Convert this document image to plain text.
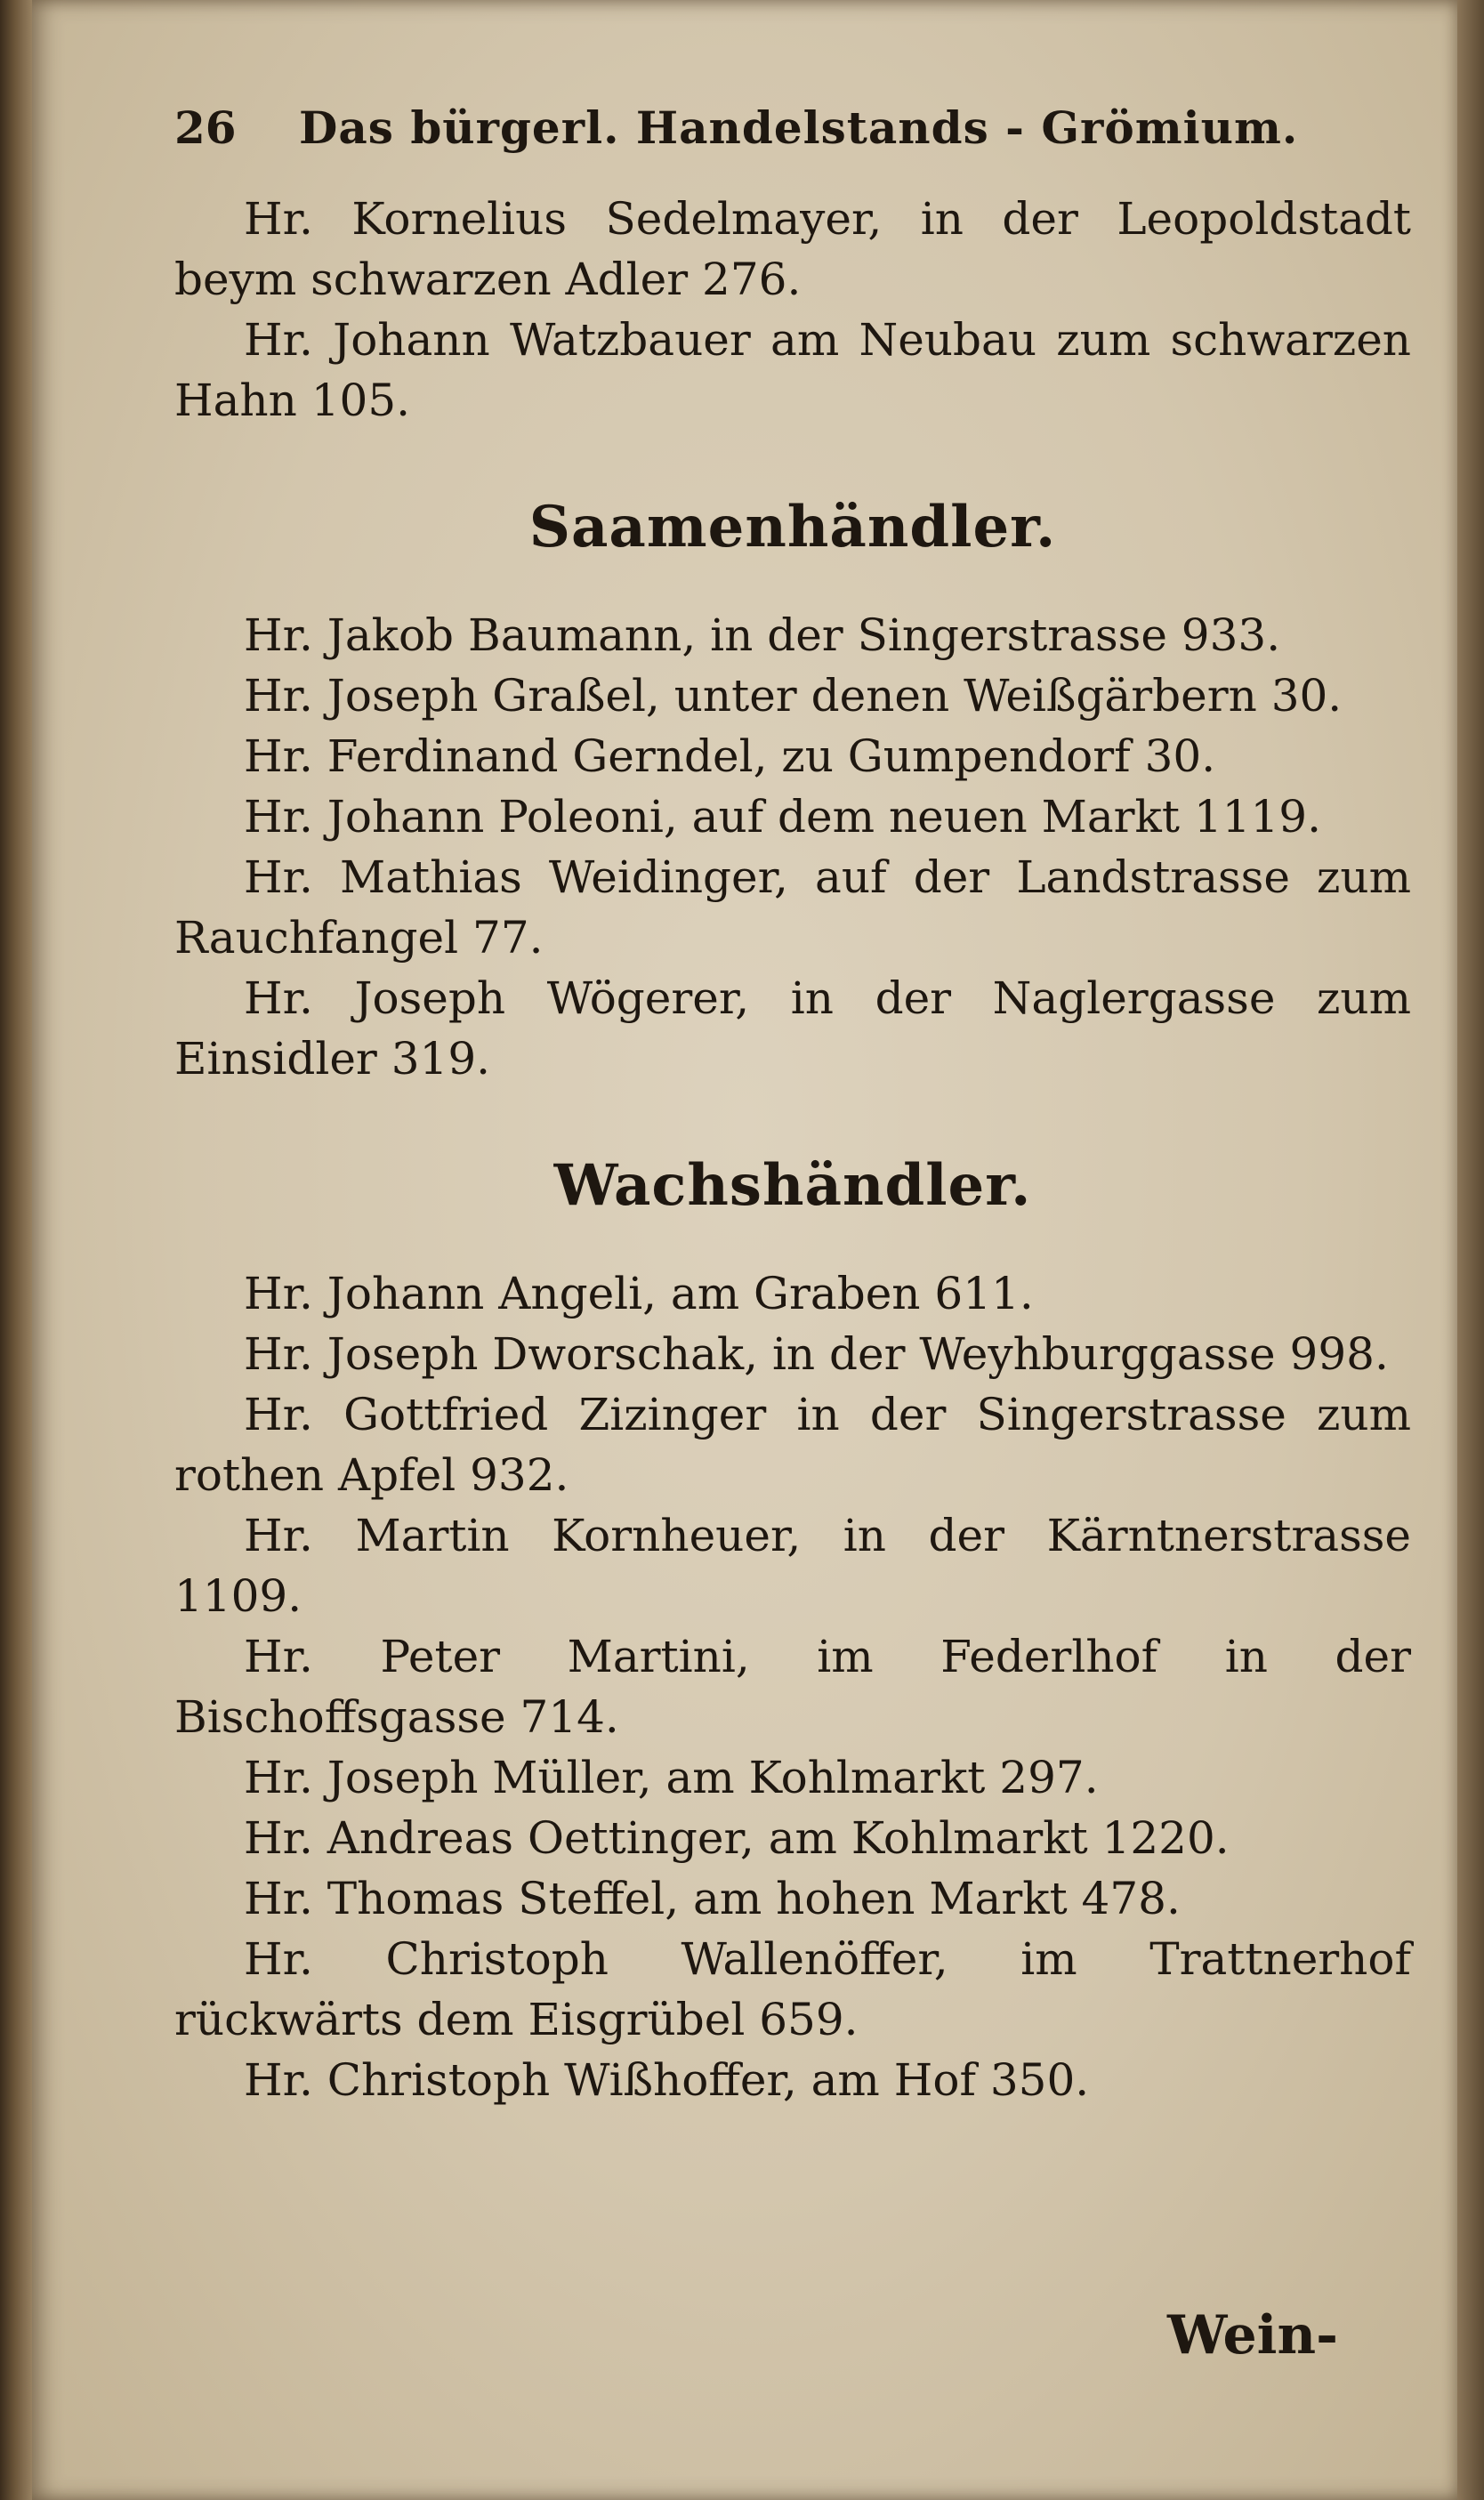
26	Das bürgerl. Handelstands - Grömium.

Hr. Kornelius Sedelmayer, in der Leopoldstadt beym schwarzen Adler 276.

Hr. Johann Watzbauer am Neubau zum schwarzen Hahn 105.

Saamenhändler.

Hr. Jakob Baumann, in der Singerstrasse 933.

Hr. Joseph Graßel, unter denen Weißgärbern 30.

Hr. Ferdinand Gerndel, zu Gumpendorf 30.

Hr. Johann Poleoni, auf dem neuen Markt 1119.

Hr. Mathias Weidinger, auf der Landstrasse zum Rauchfangel 77.

Hr. Joseph Wögerer, in der Naglergasse zum Einsidler 319.

Wachshändler.

Hr. Johann Angeli, am Graben 611.

Hr. Joseph Dworschak, in der Weyhburggasse 998.

Hr. Gottfried Zizinger in der Singerstrasse zum rothen Apfel 932.

Hr. Martin Kornheuer, in der Kärntnerstrasse 1109.

Hr. Peter Martini, im Federlhof in der Bischoffsgasse 714.

Hr. Joseph Müller, am Kohlmarkt 297.

Hr. Andreas Oettinger, am Kohlmarkt 1220.

Hr. Thomas Steffel, am hohen Markt 478.

Hr. Christoph Wallenöffer, im Trattnerhof rückwärts dem Eisgrübel 659.

Hr. Christoph Wißhoffer, am Hof 350.

Wein-
